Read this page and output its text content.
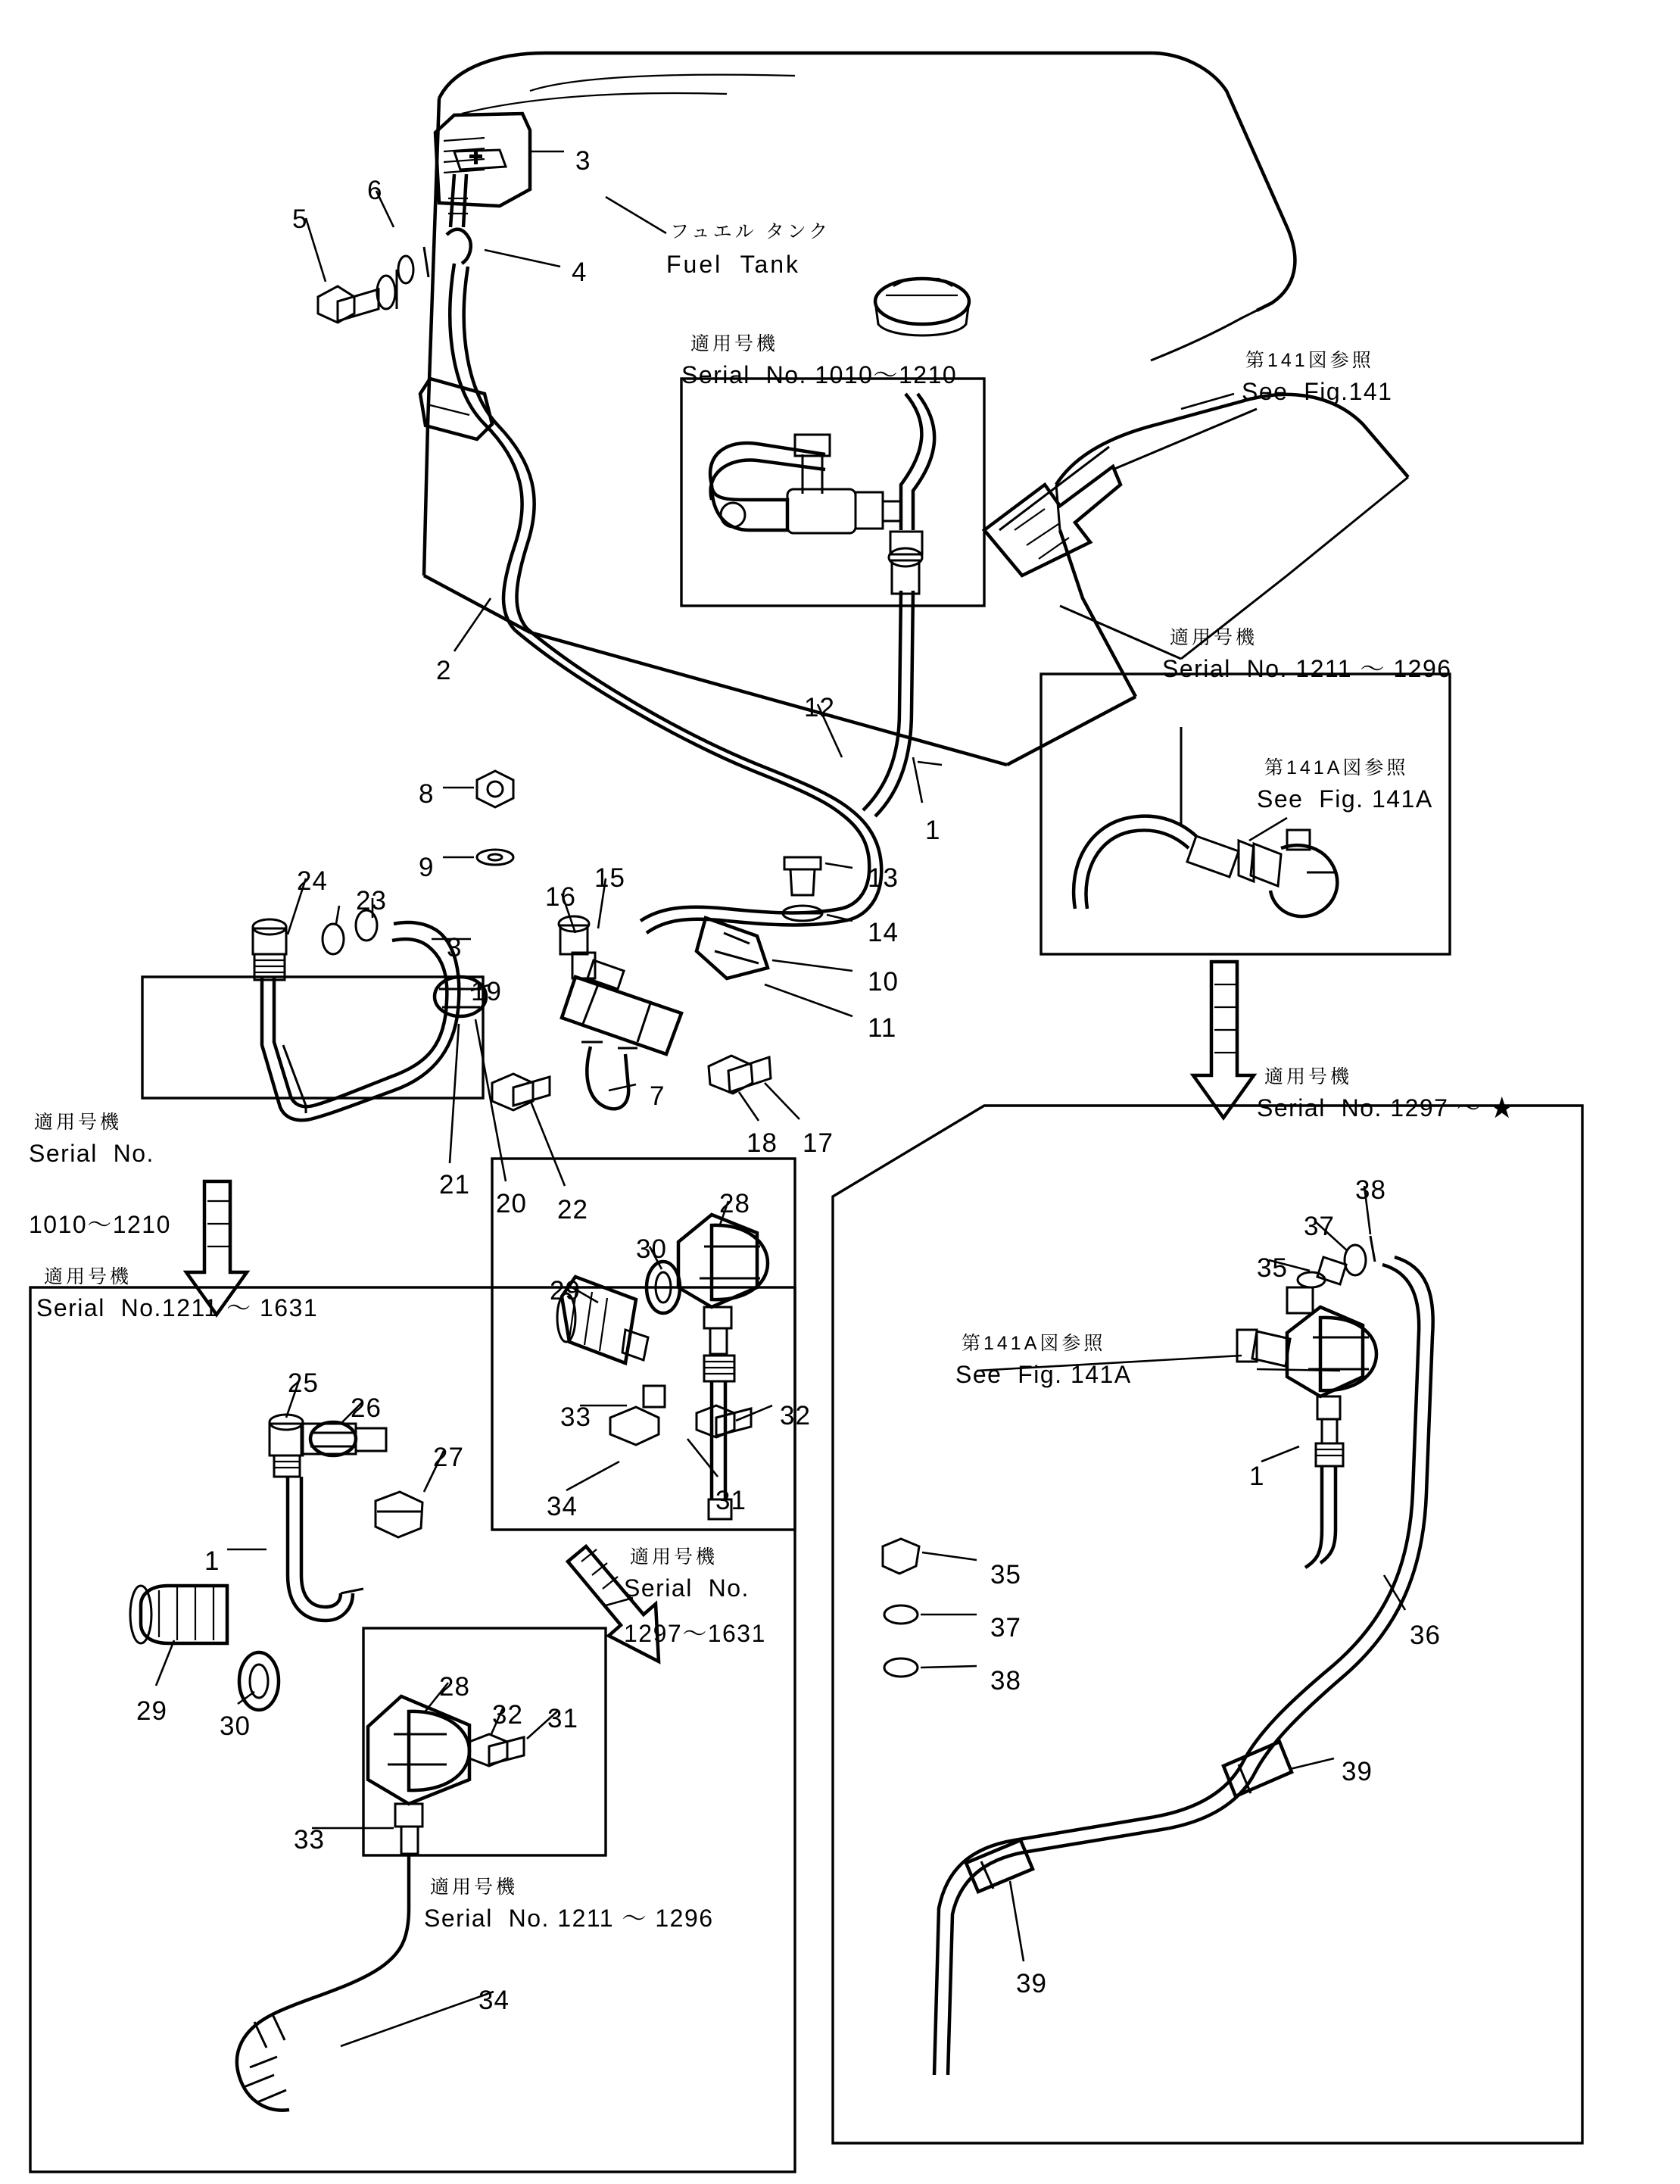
フュエル タンク
Fuel  Tank
適用号機
Serial  No. 1010〜1210
第141図参照
See  Fig.141
適用号機
Serial  No. 1211 〜 1296
第141A図参照
See  Fig. 141A
適用号機
Serial  No. 1297 〜 ★
適用号機
Serial  No.
1010〜1210
適用号機
Serial  No.1211 〜 1631
適用号機
Serial  No.
1297〜1631
適用号機
Serial  No. 1211 〜 1296
第141A図参照
See  Fig. 141A
3
6
5
4
2
12
1
8
9
24
23	16
15	13
14
3
19	10
11
7
18 17
21
20 22	28
30
29
33	32
34	31
25
26
27
1
29
30
28
32 31
33
34
38
37
35
1
35
37
38
36
39
39
